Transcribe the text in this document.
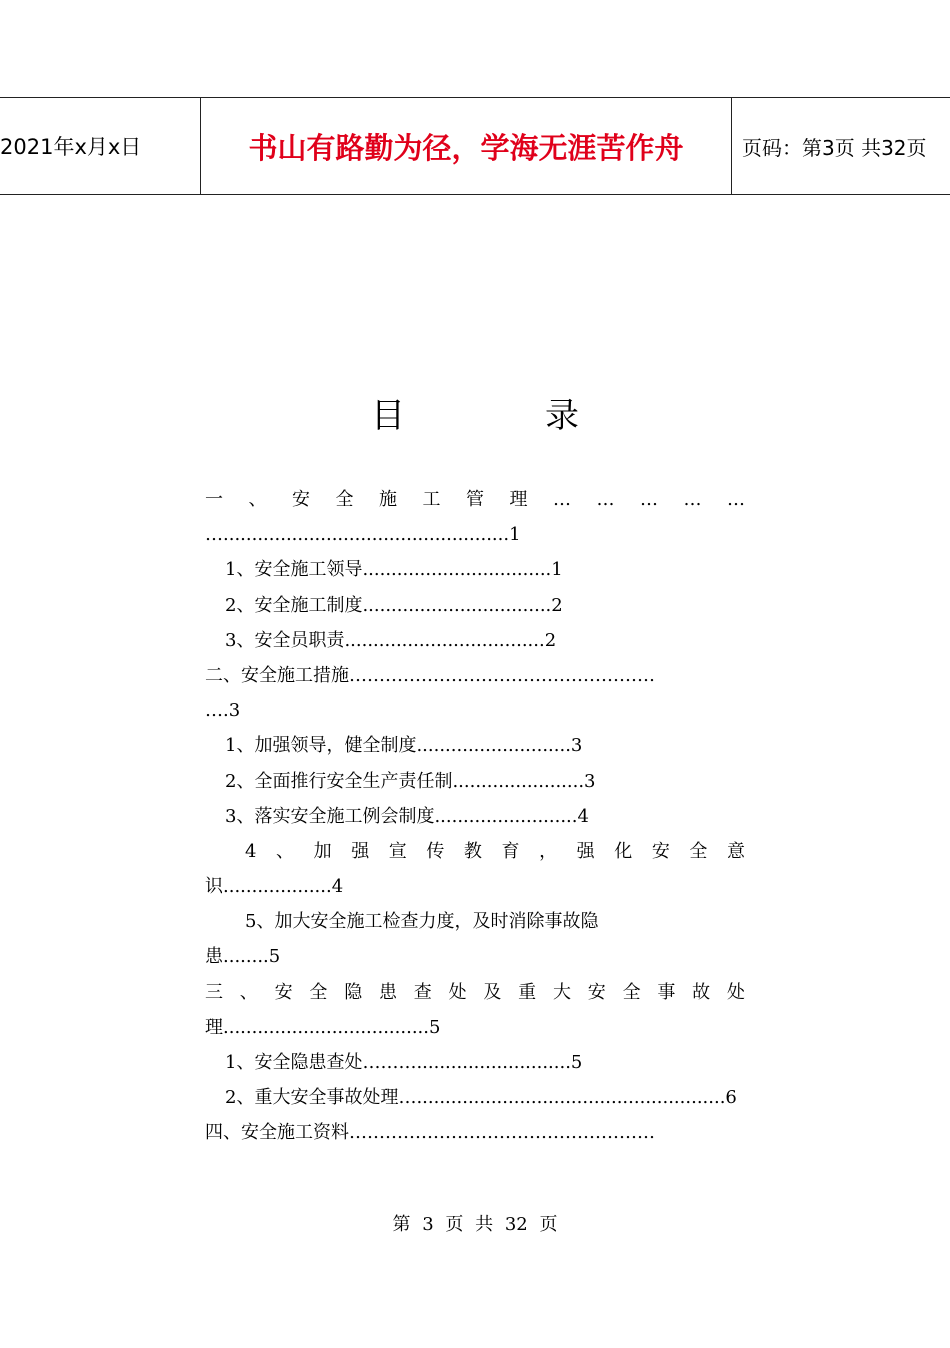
2021年x月x日	书山有路勤为径，学海无涯苦作舟	页码：第3页 共32页
目	录
一 、 安 全 施 工 管 理 … … … … …
…..................................................1
1、安全施工领导.................................1
2、安全施工制度.................................2
3、安全员职责...................................2
二、安全施工措施……………………………………………
….3
1、加强领导，健全制度...........................3
2、全面推行安全生产责任制.......................3
3、落实安全施工例会制度.........................4
4 、 加 强 宣 传 教 育 ， 强 化 安 全 意
识...................4
5、加大安全施工检查力度，及时消除事故隐
患........5
三 、 安 全 隐 患 查 处 及 重 大 安 全 事 故 处
理....................................5
1、安全隐患查处………...........................5
2、重大安全事故处理…......................................................6
四、安全施工资料……………………………………………
第 3 页 共 32 页
